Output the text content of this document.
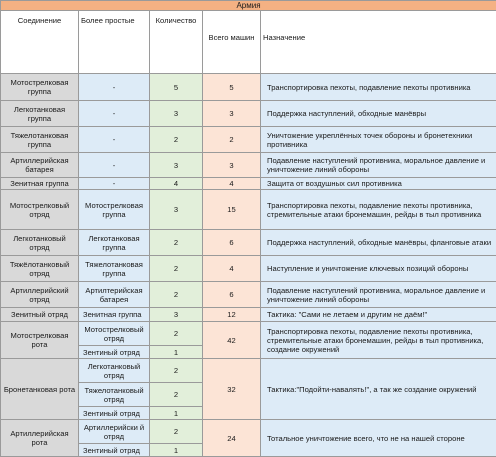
Армия				
Соединение	Более простые	Количество	Всего машин	Назначение
Мотострелковая группа	-	5	5	Транспортировка пехоты, подавление пехоты противника
Легкотанковая группа	-	3	3	Поддержка наступлений, обходные манёвры
Тяжелотанковая группа	-	2	2	Уничтожение укреплённых точек обороны и бронетехники противника
Артиллерийская батарея	-	3	3	Подавление наступлений противника, моральное давление и уничтожение линий обороны
Зенитная группа	-	4	4	Защита от воздушных сил противника
Мотострелковый отряд	Мотострелковая группа	3	15	Транспортировка пехоты, подавление пехоты противника, стремительные атаки бронемашин, рейды в тыл противника
Легкотанковый отряд	Легкотанковая группа	2	6	Поддержка наступлений, обходные манёвры, фланговые атаки
Тяжёлотанковый отряд	Тяжелотанковая группа	2	4	Наступление и уничтожение ключевых позиций обороны
Артиллерийский отряд	Артилтерийская батарея	2	6	Подавление наступлений противника, моральное давление и уничтожение линий обороны
Зенитный отряд	Зенитная группа	3	12	Тактика: "Сами не летаем и другим не даём!"
Мотострелковая рота	Мотострелковый отряд	2	42	Транспортировка пехоты, подавление пехоты противника, стремительные атаки бронемашин, рейды в тыл противника, создание окружений
	Зентиный отряд	1		
Бронетанковая рота	Легкотанковый отряд	2	32	Тактика:"Подойти-навалять!", а так же создание окружений
	Тяжелотанковый отряд	2		
	Зентиный отряд	1		
Артиллерийская рота	Артиллерийски й отряд	2	24	Тотальное уничтожение всего, что не на нашей стороне
	Зентиный отряд	1		
